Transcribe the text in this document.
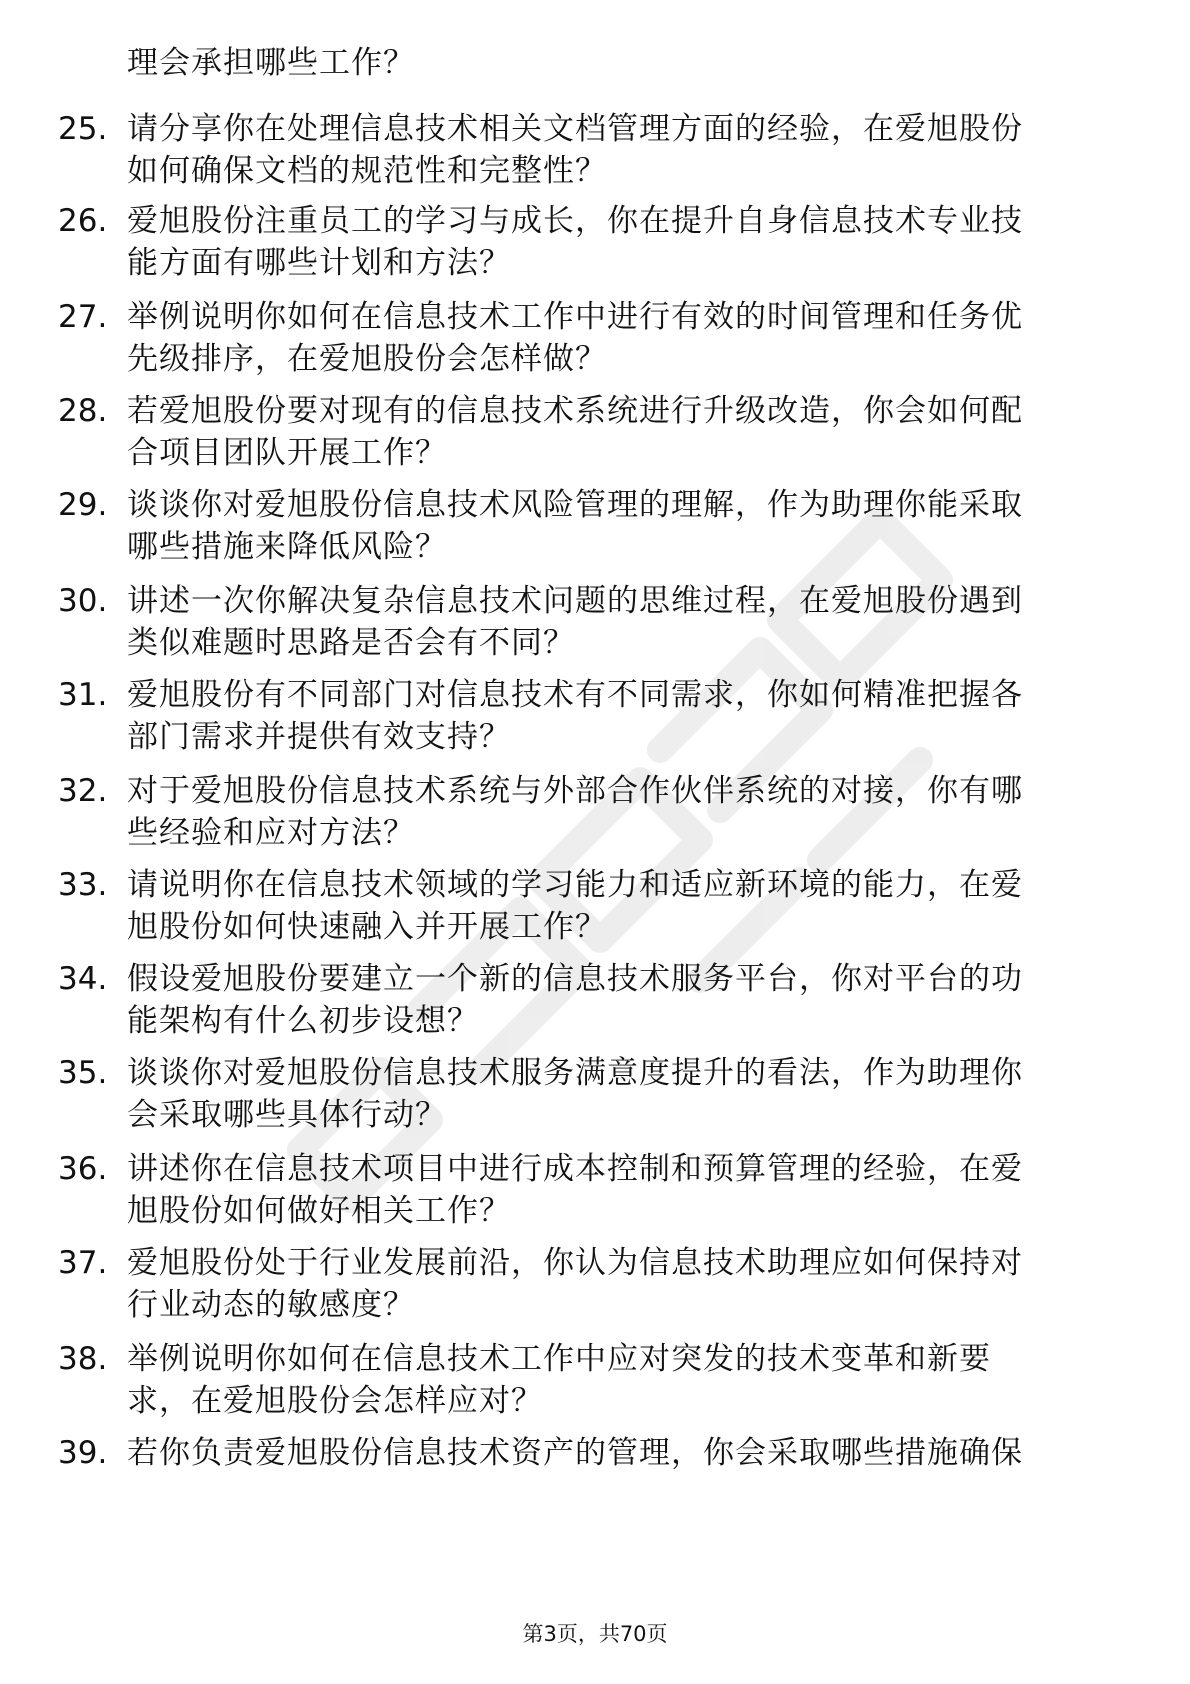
理会承担哪些工作？
25. 请分享你在处理信息技术相关文档管理方面的经验，在爱旭股份
如何确保文档的规范性和完整性？
26. 爱旭股份注重员工的学习与成长，你在提升自身信息技术专业技
能方面有哪些计划和方法？
27. 举例说明你如何在信息技术工作中进行有效的时间管理和任务优
先级排序，在爱旭股份会怎样做？
28. 若爱旭股份要对现有的信息技术系统进行升级改造，你会如何配
合项目团队开展工作？
29. 谈谈你对爱旭股份信息技术风险管理的理解，作为助理你能采取
哪些措施来降低风险？
30. 讲述一次你解决复杂信息技术问题的思维过程，在爱旭股份遇到
类似难题时思路是否会有不同？
31. 爱旭股份有不同部门对信息技术有不同需求，你如何精准把握各
部门需求并提供有效支持？
32. 对于爱旭股份信息技术系统与外部合作伙伴系统的对接，你有哪
些经验和应对方法？
33. 请说明你在信息技术领域的学习能力和适应新环境的能力，在爱
旭股份如何快速融入并开展工作？
34. 假设爱旭股份要建立一个新的信息技术服务平台，你对平台的功
能架构有什么初步设想？
35. 谈谈你对爱旭股份信息技术服务满意度提升的看法，作为助理你
会采取哪些具体行动？
36. 讲述你在信息技术项目中进行成本控制和预算管理的经验，在爱
旭股份如何做好相关工作？
37. 爱旭股份处于行业发展前沿，你认为信息技术助理应如何保持对
行业动态的敏感度？
38. 举例说明你如何在信息技术工作中应对突发的技术变革和新要
求，在爱旭股份会怎样应对？
39. 若你负责爱旭股份信息技术资产的管理，你会采取哪些措施确保
第3页，共70页
